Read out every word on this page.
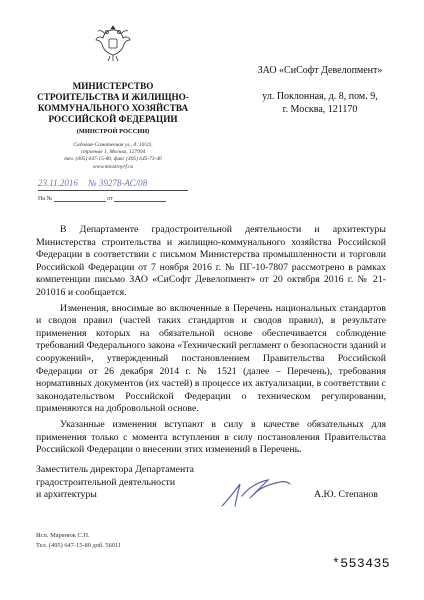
МИНИСТЕРСТВО
СТРОИТЕЛЬСТВА И ЖИЛИЩНО-
КОММУНАЛЬНОГО ХОЗЯЙСТВА
РОССИЙСКОЙ ФЕДЕРАЦИИ
(МИНСТРОЙ РОССИИ)
Садовая-Самотечная ул., д. 10/23,
строение 1, Москва, 127994
тел. (495) 647-15-80, факс (495) 645-73-40
www.minstroyrf.ru
23.11.2016 № 39278-АС/08
На №	от
ЗАО «СиСофт Девелопмент»
ул. Поклонная, д. 8, пом. 9,
г. Москва, 121170

В Департаменте градостроительной деятельности и архитектуры Министерства строительства и жилищно-коммунального хозяйства Российской Федерации в соответствии с письмом Министерства промышленности и торговли Российской Федерации от 7 ноября 2016 г. № ПГ-10-7807 рассмотрено в рамках компетенции письмо ЗАО «СиСофт Девелопмент» от 20 октября 2016 г. № 21-201016 и сообщается.

Изменения, вносимые во включенные в Перечень национальных стандартов и сводов правил (частей таких стандартов и сводов правил), в результате применения которых на обязательной основе обеспечивается соблюдение требований Федерального закона «Технический регламент о безопасности зданий и сооружений», утвержденный постановлением Правительства Российской Федерации от 26 декабря 2014 г. № 1521 (далее – Перечень), требования нормативных документов (их частей) в процессе их актуализации, в соответствии с законодательством Российской Федерации о техническом регулировании, применяются на добровольной основе.

Указанные изменения вступают в силу в качестве обязательных для применения только с момента вступления в силу постановления Правительства Российской Федерации о внесении этих изменений в Перечень.

Заместитель директора Департамента
градостроительной деятельности
и архитектуры	А.Ю. Степанов
Исп. Маренюк С.П.
Тел. (495) 647-15-80 доб. 56011
*553435
